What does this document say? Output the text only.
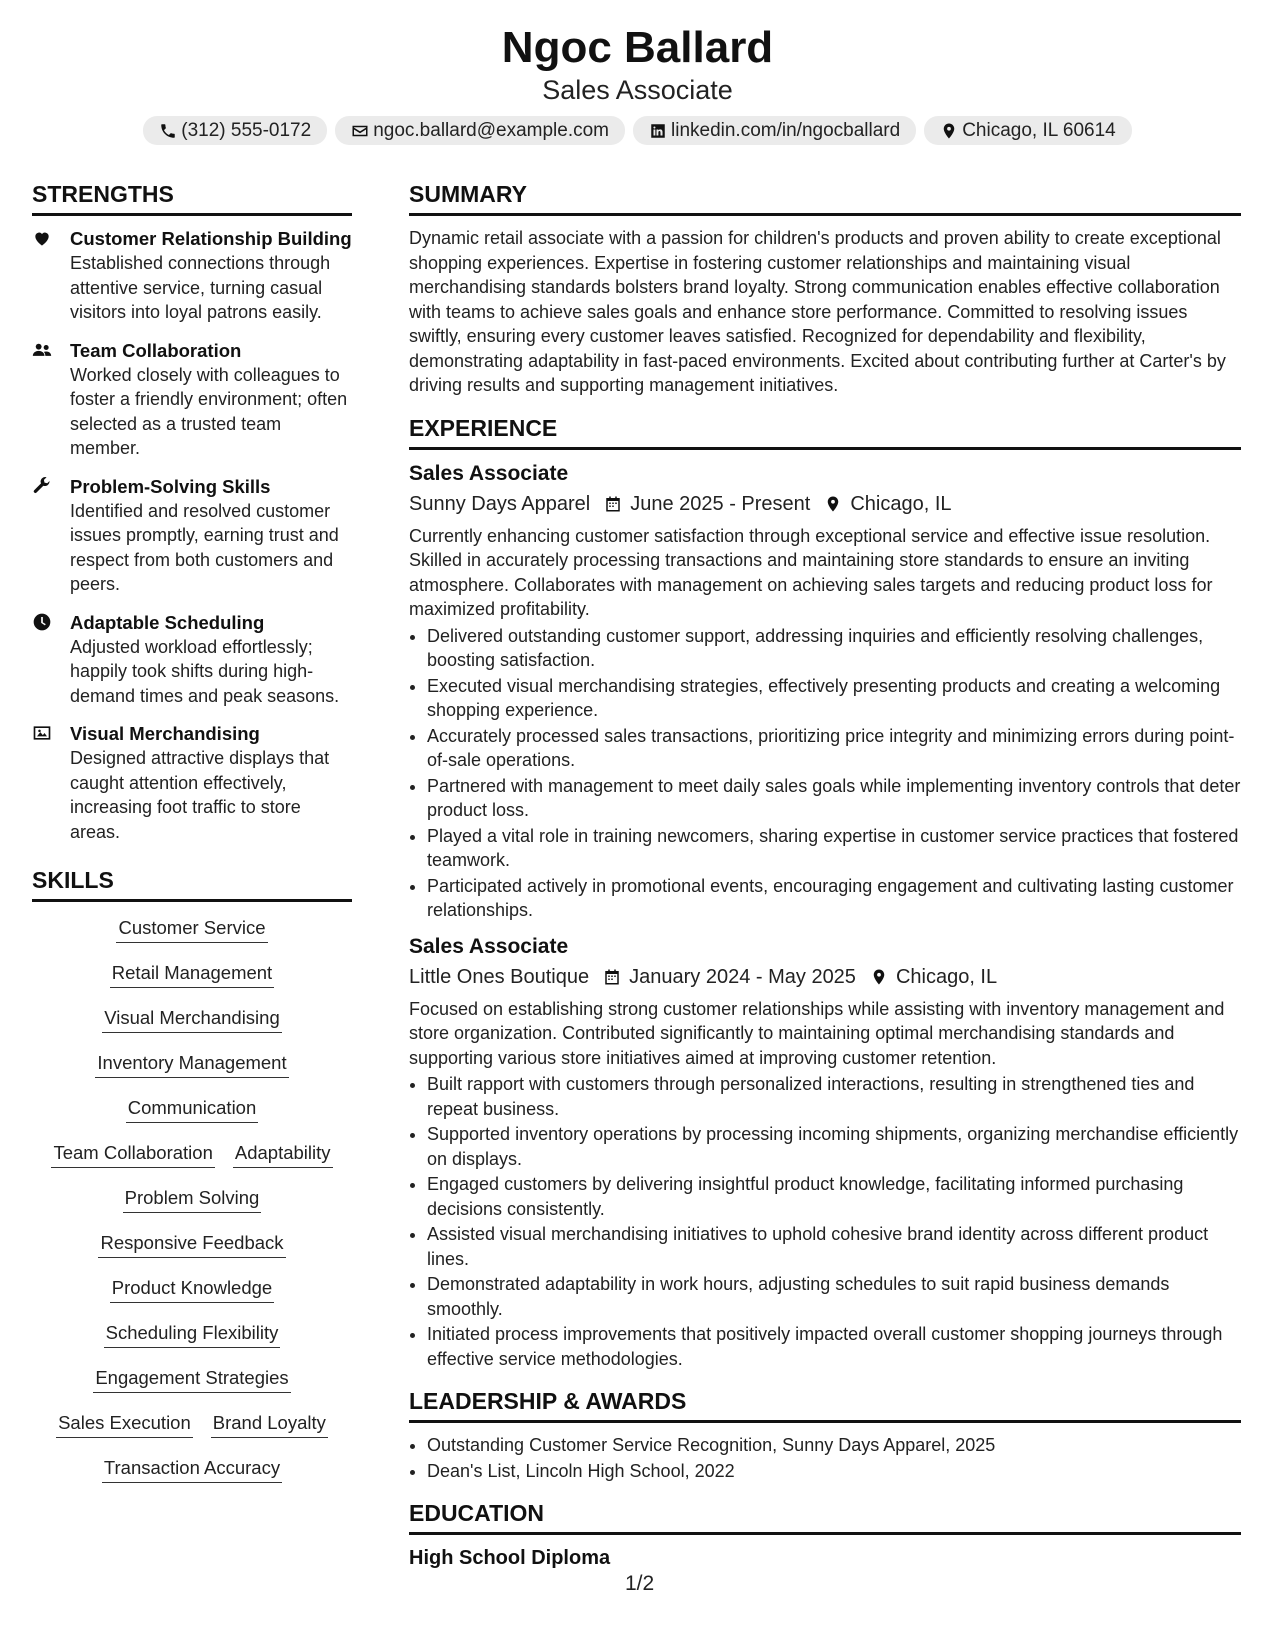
Ngoc Ballard
Sales Associate
(312) 555-0172	ngoc.ballard@example.com	linkedin.com/in/ngocballard	Chicago, IL 60614
STRENGTHS
Customer Relationship Building
Established connections through attentive service, turning casual visitors into loyal patrons easily.
Team Collaboration
Worked closely with colleagues to foster a friendly environment; often selected as a trusted team member.
Problem-Solving Skills
Identified and resolved customer issues promptly, earning trust and respect from both customers and peers.
Adaptable Scheduling
Adjusted workload effortlessly; happily took shifts during high-demand times and peak seasons.
Visual Merchandising
Designed attractive displays that caught attention effectively, increasing foot traffic to store areas.
SKILLS
Customer Service
Retail Management
Visual Merchandising
Inventory Management
Communication
Team Collaboration Adaptability
Problem Solving
Responsive Feedback
Product Knowledge
Scheduling Flexibility
Engagement Strategies
Sales Execution Brand Loyalty
Transaction Accuracy
SUMMARY

Dynamic retail associate with a passion for children's products and proven ability to create exceptional shopping experiences. Expertise in fostering customer relationships and maintaining visual merchandising standards bolsters brand loyalty. Strong communication enables effective collaboration with teams to achieve sales goals and enhance store performance. Committed to resolving issues swiftly, ensuring every customer leaves satisfied. Recognized for dependability and flexibility, demonstrating adaptability in fast-paced environments. Excited about contributing further at Carter's by driving results and supporting management initiatives.

EXPERIENCE
Sales Associate
Sunny Days Apparel June 2025 - Present Chicago, IL
Currently enhancing customer satisfaction through exceptional service and effective issue resolution. Skilled in accurately processing transactions and maintaining store standards to ensure an inviting atmosphere. Collaborates with management on achieving sales targets and reducing product loss for maximized profitability.
• Delivered outstanding customer support, addressing inquiries and efficiently resolving challenges, boosting satisfaction.
• Executed visual merchandising strategies, effectively presenting products and creating a welcoming shopping experience.
• Accurately processed sales transactions, prioritizing price integrity and minimizing errors during point-of-sale operations.
• Partnered with management to meet daily sales goals while implementing inventory controls that deter product loss.
• Played a vital role in training newcomers, sharing expertise in customer service practices that fostered teamwork.
• Participated actively in promotional events, encouraging engagement and cultivating lasting customer relationships.
Sales Associate
Little Ones Boutique January 2024 - May 2025 Chicago, IL
Focused on establishing strong customer relationships while assisting with inventory management and store organization. Contributed significantly to maintaining optimal merchandising standards and supporting various store initiatives aimed at improving customer retention.
• Built rapport with customers through personalized interactions, resulting in strengthened ties and repeat business.
• Supported inventory operations by processing incoming shipments, organizing merchandise efficiently on displays.
• Engaged customers by delivering insightful product knowledge, facilitating informed purchasing decisions consistently.
• Assisted visual merchandising initiatives to uphold cohesive brand identity across different product lines.
• Demonstrated adaptability in work hours, adjusting schedules to suit rapid business demands smoothly.
• Initiated process improvements that positively impacted overall customer shopping journeys through effective service methodologies.
LEADERSHIP & AWARDS
• Outstanding Customer Service Recognition, Sunny Days Apparel, 2025
• Dean's List, Lincoln High School, 2022
EDUCATION
High School Diploma
1/2
